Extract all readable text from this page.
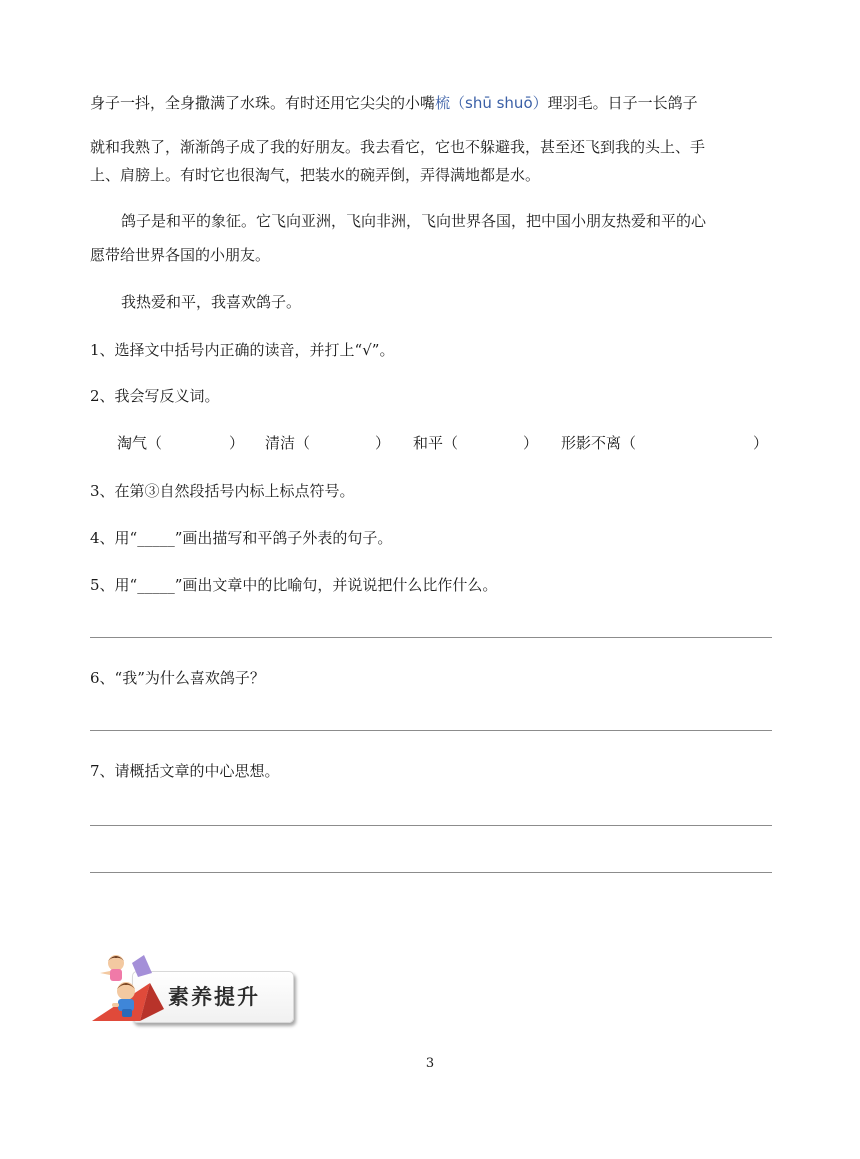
身子一抖，全身撒满了水珠。有时还用它尖尖的小嘴梳（shū shuō）理羽毛。日子一长鸽子
就和我熟了，渐渐鸽子成了我的好朋友。我去看它，它也不躲避我，甚至还飞到我的头上、手
上、肩膀上。有时它也很淘气，把装水的碗弄倒，弄得满地都是水。
鸽子是和平的象征。它飞向亚洲，飞向非洲，飞向世界各国，把中国小朋友热爱和平的心
愿带给世界各国的小朋友。
我热爱和平，我喜欢鸽子。
1、选择文中括号内正确的读音，并打上“√”。
2、我会写反义词。
淘气（	） 清洁（	） 和平（	） 形影不离（	）
3、在第③自然段括号内标上标点符号。
4、用“_____”画出描写和平鸽子外表的句子。
5、用“_____”画出文章中的比喻句，并说说把什么比作什么。
6、“我”为什么喜欢鸽子？
7、请概括文章的中心思想。
素养提升
3
